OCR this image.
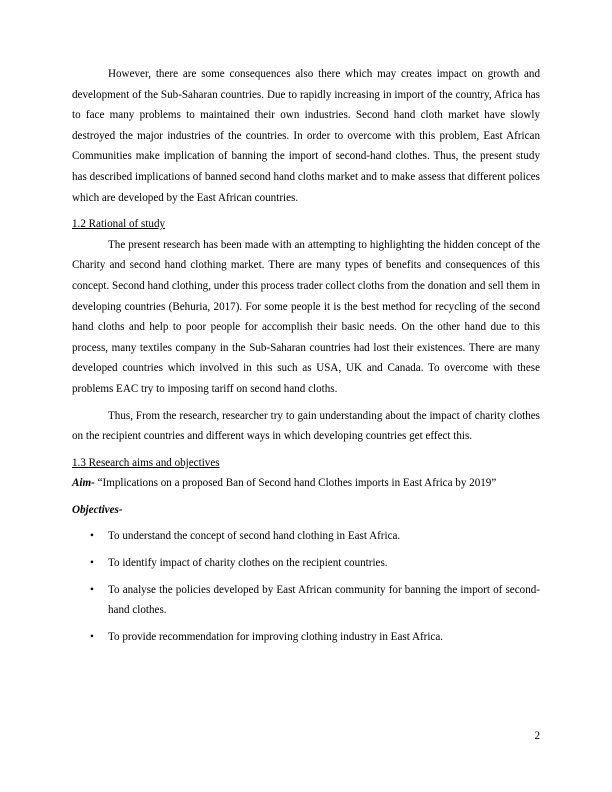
However, there are some consequences also there which may creates impact on growth and development of the Sub-Saharan countries. Due to rapidly increasing in import of the country, Africa has to face many problems to maintained their own industries. Second hand cloth market have slowly destroyed the major industries of the countries. In order to overcome with this problem, East African Communities make implication of banning the import of second-hand clothes. Thus, the present study has described implications of banned second hand cloths market and to make assess that different polices which are developed by the East African countries.

1.2 Rational of study

The present research has been made with an attempting to highlighting the hidden concept of the Charity and second hand clothing market. There are many types of benefits and consequences of this concept. Second hand clothing, under this process trader collect cloths from the donation and sell them in developing countries (Behuria, 2017). For some people it is the best method for recycling of the second hand cloths and help to poor people for accomplish their basic needs. On the other hand due to this process, many textiles company in the Sub-Saharan countries had lost their existences. There are many developed countries which involved in this such as USA, UK and Canada. To overcome with these problems EAC try to imposing tariff on second hand cloths.

Thus, From the research, researcher try to gain understanding about the impact of charity clothes on the recipient countries and different ways in which developing countries get effect this.

1.3 Research aims and objectives

Aim- “Implications on a proposed Ban of Second hand Clothes imports in East Africa by 2019”

Objectives-
• To understand the concept of second hand clothing in East Africa.
• To identify impact of charity clothes on the recipient countries.
• To analyse the policies developed by East African community for banning the import of second-hand clothes.
• To provide recommendation for improving clothing industry in East Africa.
2
